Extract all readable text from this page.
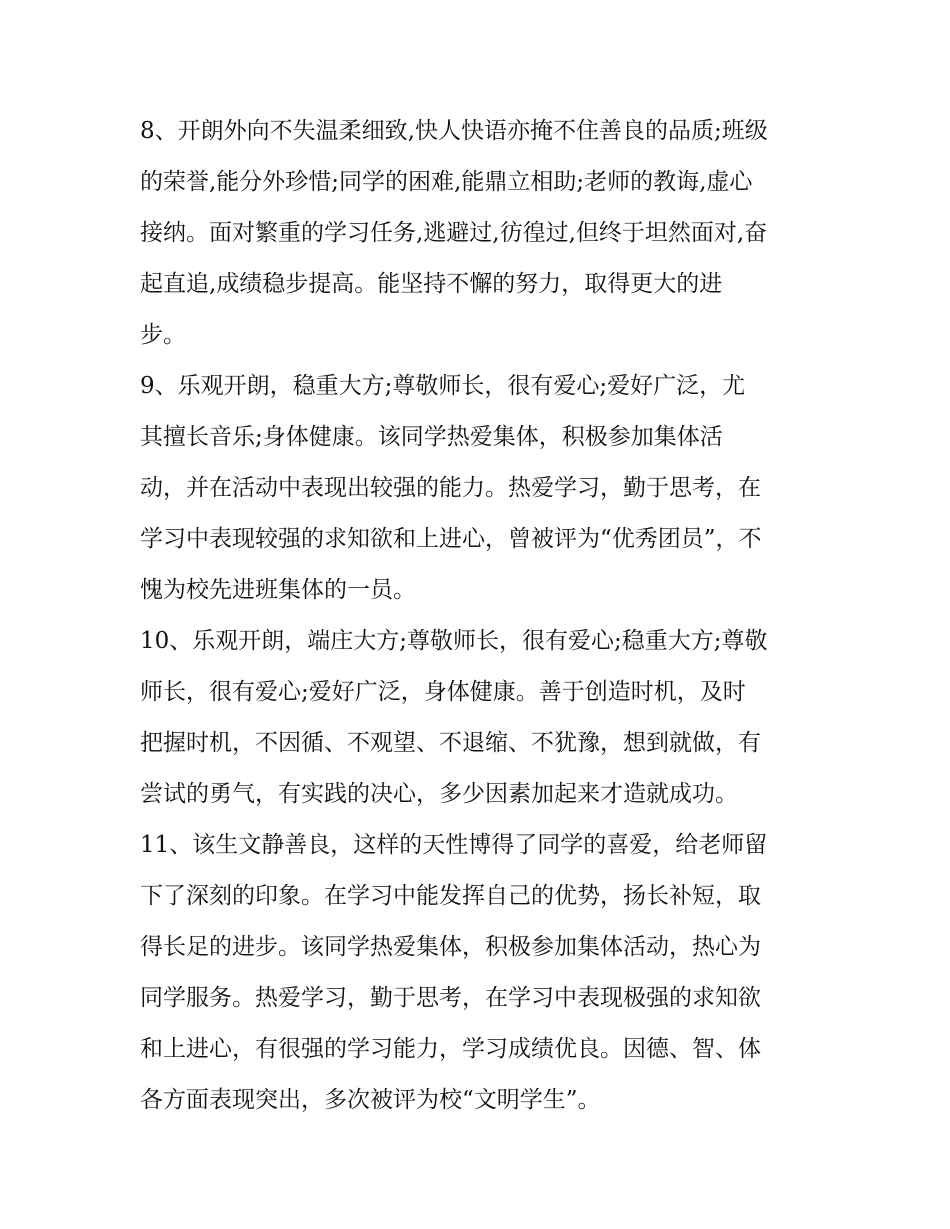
8、开朗外向不失温柔细致,快人快语亦掩不住善良的品质;班级
的荣誉,能分外珍惜;同学的困难,能鼎立相助;老师的教诲,虚心
接纳。面对繁重的学习任务,逃避过,彷徨过,但终于坦然面对,奋
起直追,成绩稳步提高。能坚持不懈的努力，取得更大的进
步。
9、乐观开朗，稳重大方;尊敬师长，很有爱心;爱好广泛，尤
其擅长音乐;身体健康。该同学热爱集体，积极参加集体活
动，并在活动中表现出较强的能力。热爱学习，勤于思考，在
学习中表现较强的求知欲和上进心，曾被评为“优秀团员”，不
愧为校先进班集体的一员。
10、乐观开朗，端庄大方;尊敬师长，很有爱心;稳重大方;尊敬
师长，很有爱心;爱好广泛，身体健康。善于创造时机，及时
把握时机，不因循、不观望、不退缩、不犹豫，想到就做，有
尝试的勇气，有实践的决心，多少因素加起来才造就成功。
11、该生文静善良，这样的天性博得了同学的喜爱，给老师留
下了深刻的印象。在学习中能发挥自己的优势，扬长补短，取
得长足的进步。该同学热爱集体，积极参加集体活动，热心为
同学服务。热爱学习，勤于思考，在学习中表现极强的求知欲
和上进心，有很强的学习能力，学习成绩优良。因德、智、体
各方面表现突出，多次被评为校“文明学生”。
